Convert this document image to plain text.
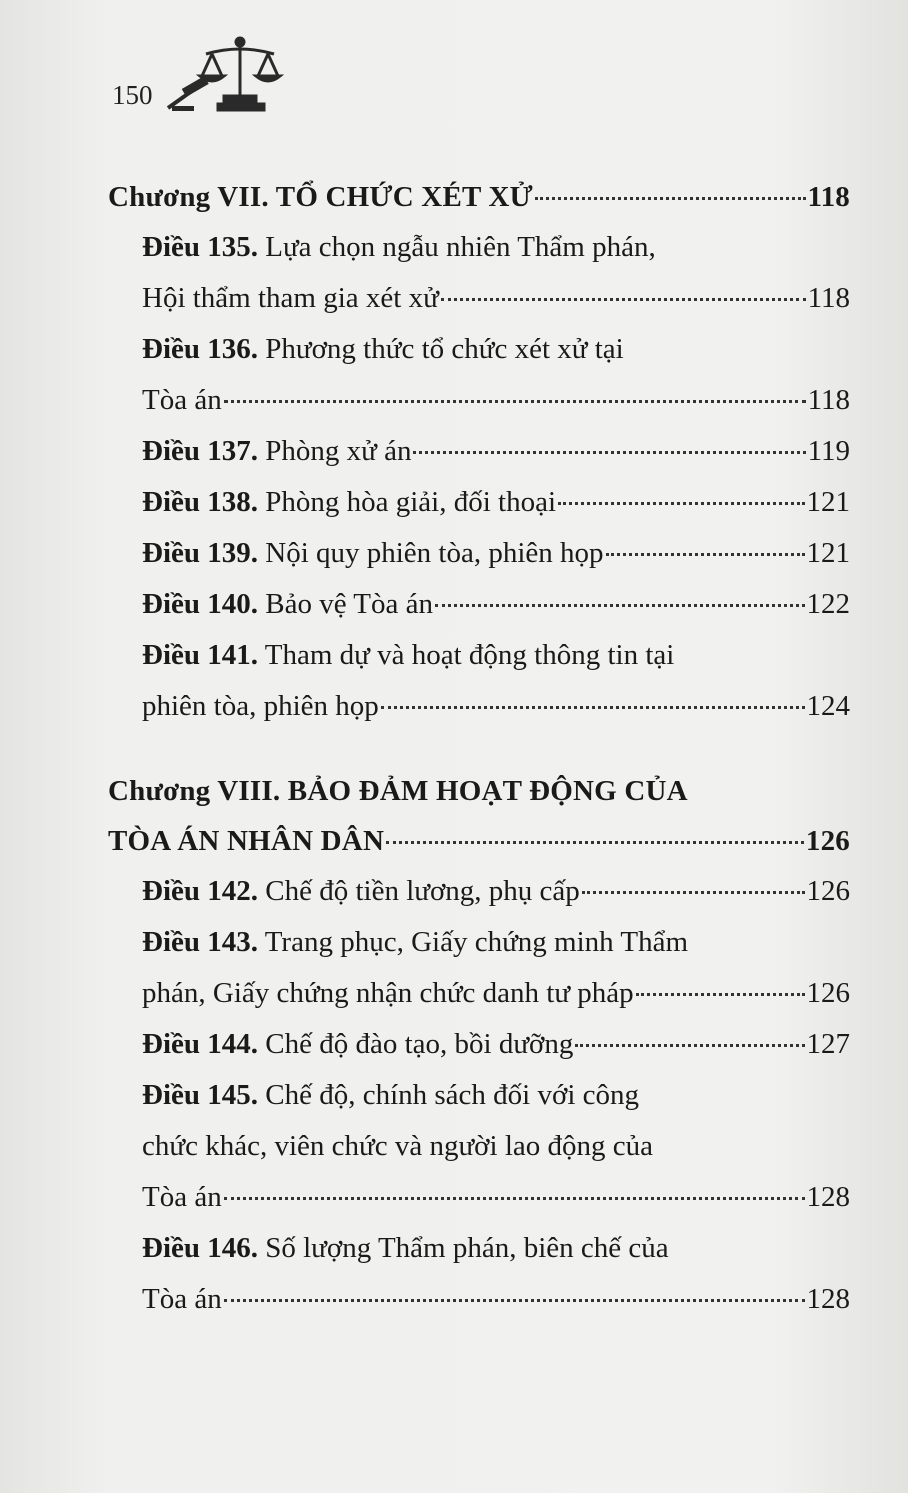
150
Chương VII. TỔ CHỨC XÉT XỬ	118
Điều 135. Lựa chọn ngẫu nhiên Thẩm phán,
Hội thẩm tham gia xét xử	118
Điều 136. Phương thức tổ chức xét xử tại
Tòa án	118
Điều 137. Phòng xử án	119
Điều 138. Phòng hòa giải, đối thoại	121
Điều 139. Nội quy phiên tòa, phiên họp	121
Điều 140. Bảo vệ Tòa án	122
Điều 141. Tham dự và hoạt động thông tin tại
phiên tòa, phiên họp	124
Chương VIII. BẢO ĐẢM HOẠT ĐỘNG CỦA
TÒA ÁN NHÂN DÂN	126
Điều 142. Chế độ tiền lương, phụ cấp	126
Điều 143. Trang phục, Giấy chứng minh Thẩm
phán, Giấy chứng nhận chức danh tư pháp	126
Điều 144. Chế độ đào tạo, bồi dưỡng	127
Điều 145. Chế độ, chính sách đối với công
chức khác, viên chức và người lao động của
Tòa án	128
Điều 146. Số lượng Thẩm phán, biên chế của
Tòa án	128
